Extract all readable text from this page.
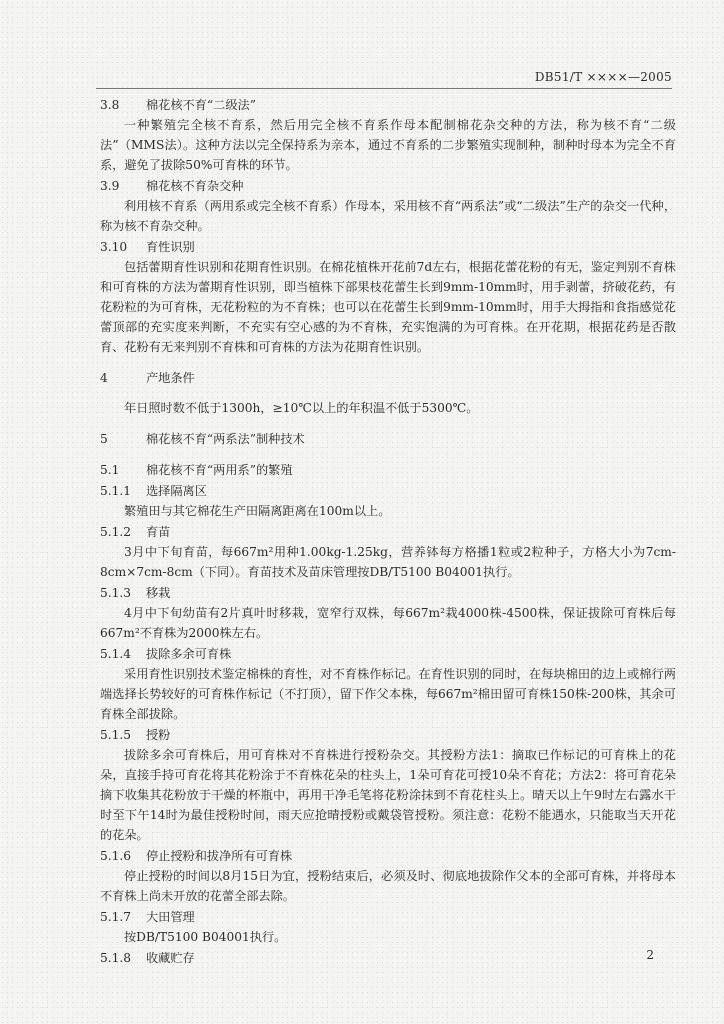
DB51/T ××××—2005
3.8 棉花核不育“二级法”

一种繁殖完全核不育系，然后用完全核不育系作母本配制棉花杂交种的方法，称为核不育“二级法”（MMS法）。这种方法以完全保持系为亲本，通过不育系的二步繁殖实现制种，制种时母本为完全不育系，避免了拔除50%可育株的环节。

3.9 棉花核不育杂交种

利用核不育系（两用系或完全核不育系）作母本，采用核不育“两系法”或“二级法”生产的杂交一代种，称为核不育杂交种。

3.10 育性识别

包括蕾期育性识别和花期育性识别。在棉花植株开花前7d左右，根据花蕾花粉的有无，鉴定判别不育株和可育株的方法为蕾期育性识别，即当植株下部果枝花蕾生长到9mm-10mm时，用手剥蕾，挤破花药，有花粉粒的为可育株，无花粉粒的为不育株；也可以在花蕾生长到9mm-10mm时，用手大拇指和食指感觉花蕾顶部的充实度来判断，不充实有空心感的为不育株，充实饱满的为可育株。在开花期，根据花药是否散育、花粉有无来判别不育株和可育株的方法为花期育性识别。

4	产地条件

年日照时数不低于1300h，≥10℃以上的年积温不低于5300℃。

5	棉花核不育“两系法”制种技术
5.1 棉花核不育“两用系”的繁殖
5.1.1 选择隔离区

繁殖田与其它棉花生产田隔离距离在100m以上。

5.1.2 育苗

3月中下旬育苗，每667m²用种1.00kg-1.25kg，营养钵每方格播1粒或2粒种子，方格大小为7cm-8cm×7cm-8cm（下同）。育苗技术及苗床管理按DB/T5100 B04001执行。

5.1.3 移栽

4月中下旬幼苗有2片真叶时移栽，宽窄行双株，每667m²栽4000株-4500株，保证拔除可育株后每667m²不育株为2000株左右。

5.1.4 拔除多余可育株

采用育性识别技术鉴定棉株的育性，对不育株作标记。在育性识别的同时，在每块棉田的边上或棉行两端选择长势较好的可育株作标记（不打顶），留下作父本株，每667m²棉田留可育株150株-200株，其余可育株全部拔除。

5.1.5 授粉

拔除多余可育株后，用可育株对不育株进行授粉杂交。其授粉方法1：摘取已作标记的可育株上的花朵，直接手持可育花将其花粉涂于不育株花朵的柱头上，1朵可育花可授10朵不育花；方法2：将可育花朵摘下收集其花粉放于干燥的杯瓶中，再用干净毛笔将花粉涂抹到不育花柱头上。晴天以上午9时左右露水干时至下午14时为最佳授粉时间，雨天应抢晴授粉或戴袋管授粉。须注意：花粉不能遇水，只能取当天开花的花朵。

5.1.6 停止授粉和拔净所有可育株

停止授粉的时间以8月15日为宜，授粉结束后，必须及时、彻底地拔除作父本的全部可育株，并将母本不育株上尚未开放的花蕾全部去除。

5.1.7 大田管理

按DB/T5100 B04001执行。

5.1.8 收藏贮存	2
